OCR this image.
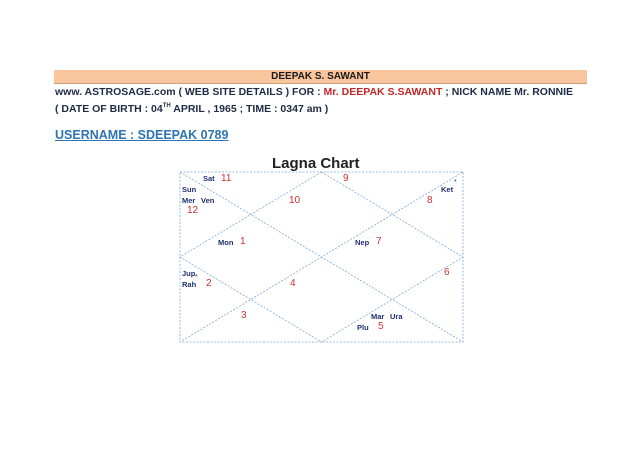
DEEPAK S. SAWANT
www. ASTROSAGE.com ( WEB SITE DETAILS ) FOR : Mr. DEEPAK S.SAWANT ; NICK NAME Mr. RONNIE
( DATE OF BIRTH : 04TH APRIL , 1965 ; TIME : 0347 am )
USERNAME : SDEEPAK 0789
Lagna Chart
11	9
10	8
12
1	7
6
2	4
3
5
Sat
Sun
Mer Ven
Ket
*
Mon	Nep
Jup
Rah
*
Mar Ura
Plu
